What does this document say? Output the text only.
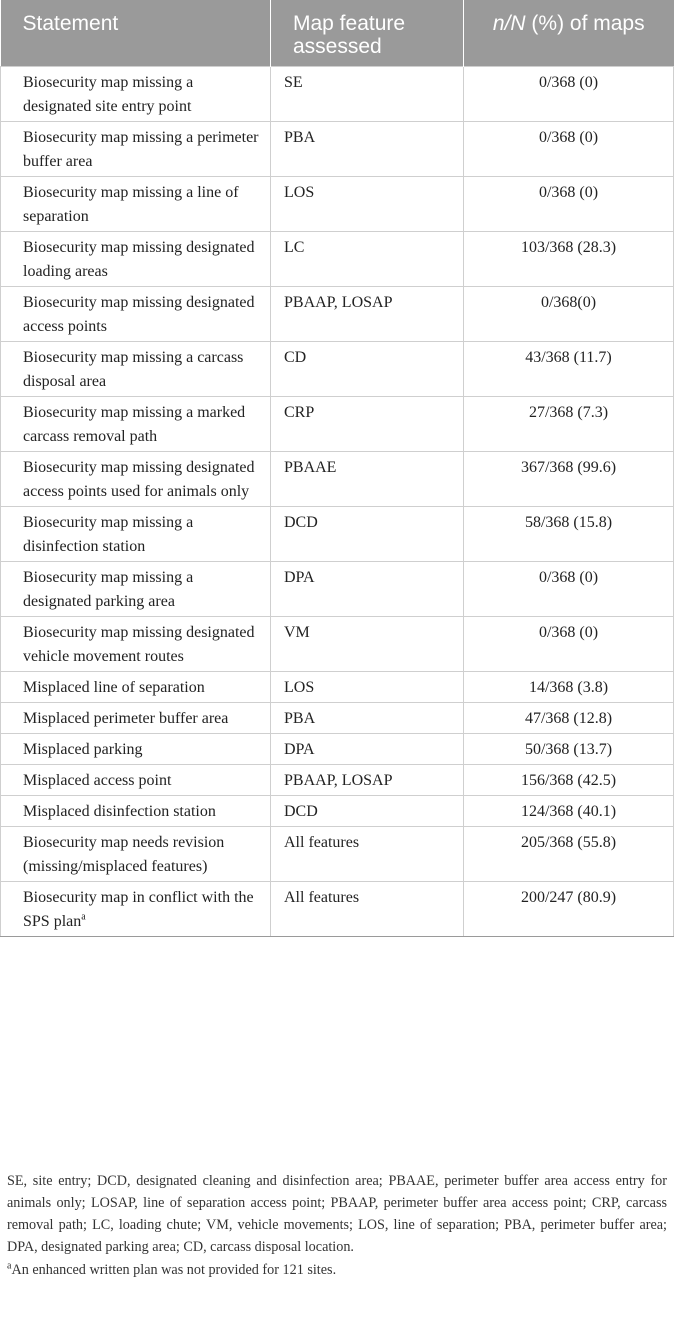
Statement	Map feature assessed	n/N (%) of maps
Biosecurity map missing a designated site entry point	SE	0/368 (0)
Biosecurity map missing a perimeter buffer area	PBA	0/368 (0)
Biosecurity map missing a line of separation	LOS	0/368 (0)
Biosecurity map missing designated loading areas	LC	103/368 (28.3)
Biosecurity map missing designated access points	PBAAP, LOSAP	0/368(0)
Biosecurity map missing a carcass disposal area	CD	43/368 (11.7)
Biosecurity map missing a marked carcass removal path	CRP	27/368 (7.3)
Biosecurity map missing designated access points used for animals only	PBAAE	367/368 (99.6)
Biosecurity map missing a disinfection station	DCD	58/368 (15.8)
Biosecurity map missing a designated parking area	DPA	0/368 (0)
Biosecurity map missing designated vehicle movement routes	VM	0/368 (0)
Misplaced line of separation	LOS	14/368 (3.8)
Misplaced perimeter buffer area	PBA	47/368 (12.8)
Misplaced parking	DPA	50/368 (13.7)
Misplaced access point	PBAAP, LOSAP	156/368 (42.5)
Misplaced disinfection station	DCD	124/368 (40.1)
Biosecurity map needs revision (missing/misplaced features)	All features	205/368 (55.8)
Biosecurity map in conflict with the SPS plan$^a$	All features	200/247 (80.9)

SE, site entry; DCD, designated cleaning and disinfection area; PBAAE, perimeter buffer area access entry for animals only; LOSAP, line of separation access point; PBAAP, perimeter buffer area access point; CRP, carcass removal path; LC, loading chute; VM, vehicle movements; LOS, line of separation; PBA, perimeter buffer area; DPA, designated parking area; CD, carcass disposal location.

$^a$An enhanced written plan was not provided for 121 sites.
